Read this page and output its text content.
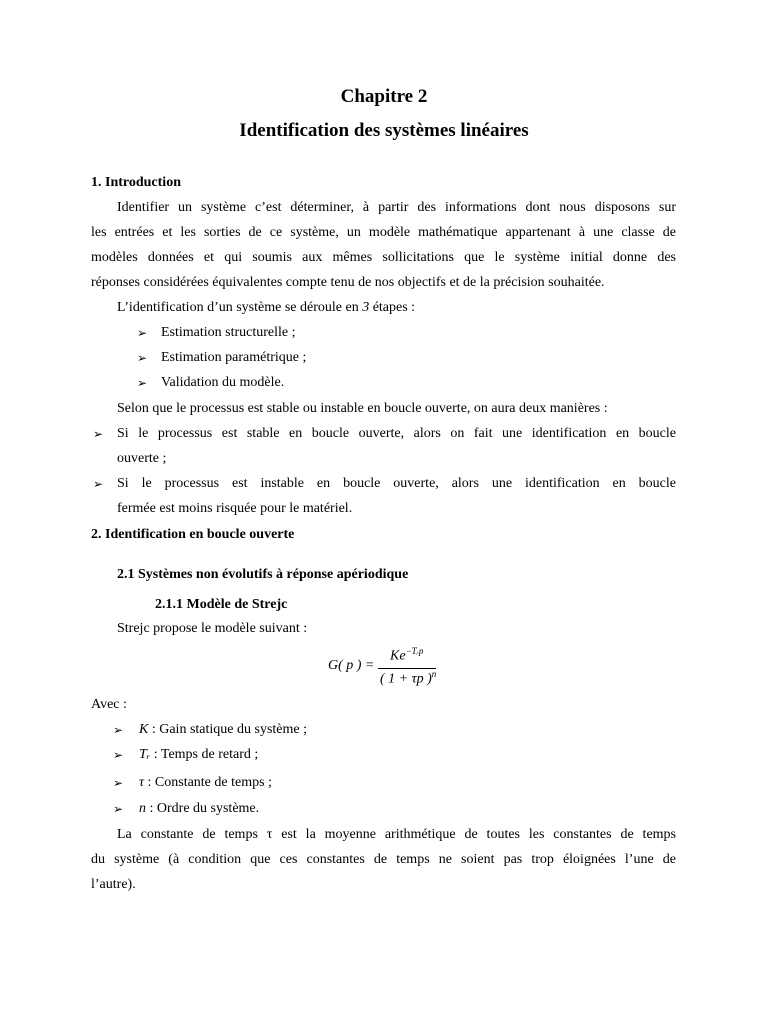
Chapitre 2
Identification des systèmes linéaires
1. Introduction
Identifier un système c’est déterminer, à partir des informations dont nous disposons sur
les entrées et les sorties de ce système, un modèle mathématique appartenant à une classe de
modèles données et qui soumis aux mêmes sollicitations que le système initial donne des
réponses considérées équivalentes compte tenu de nos objectifs et de la précision souhaitée.
L’identification d’un système se déroule en 3 étapes :
➢ Estimation structurelle ;
➢ Estimation paramétrique ;
➢ Validation du modèle.
Selon que le processus est stable ou instable en boucle ouverte, on aura deux manières :
➢ Si le processus est stable en boucle ouverte, alors on fait une identification en boucle
ouverte ;
➢ Si le processus est instable en boucle ouverte, alors une identification en boucle
fermée est moins risquée pour le matériel.
2. Identification en boucle ouverte
2.1 Systèmes non évolutifs à réponse apériodique
2.1.1 Modèle de Strejc
Strejc propose le modèle suivant :
G( p ) =
$Ke^{-Tᵣp}$
( 1 + τp )$^n$
Avec :
➢ K : Gain statique du système ;
➢ Tᵣ : Temps de retard ;
➢ τ : Constante de temps ;
➢ n : Ordre du système.
La constante de temps τ est la moyenne arithmétique de toutes les constantes de temps
du système (à condition que ces constantes de temps ne soient pas trop éloignées l’une de
l’autre).
